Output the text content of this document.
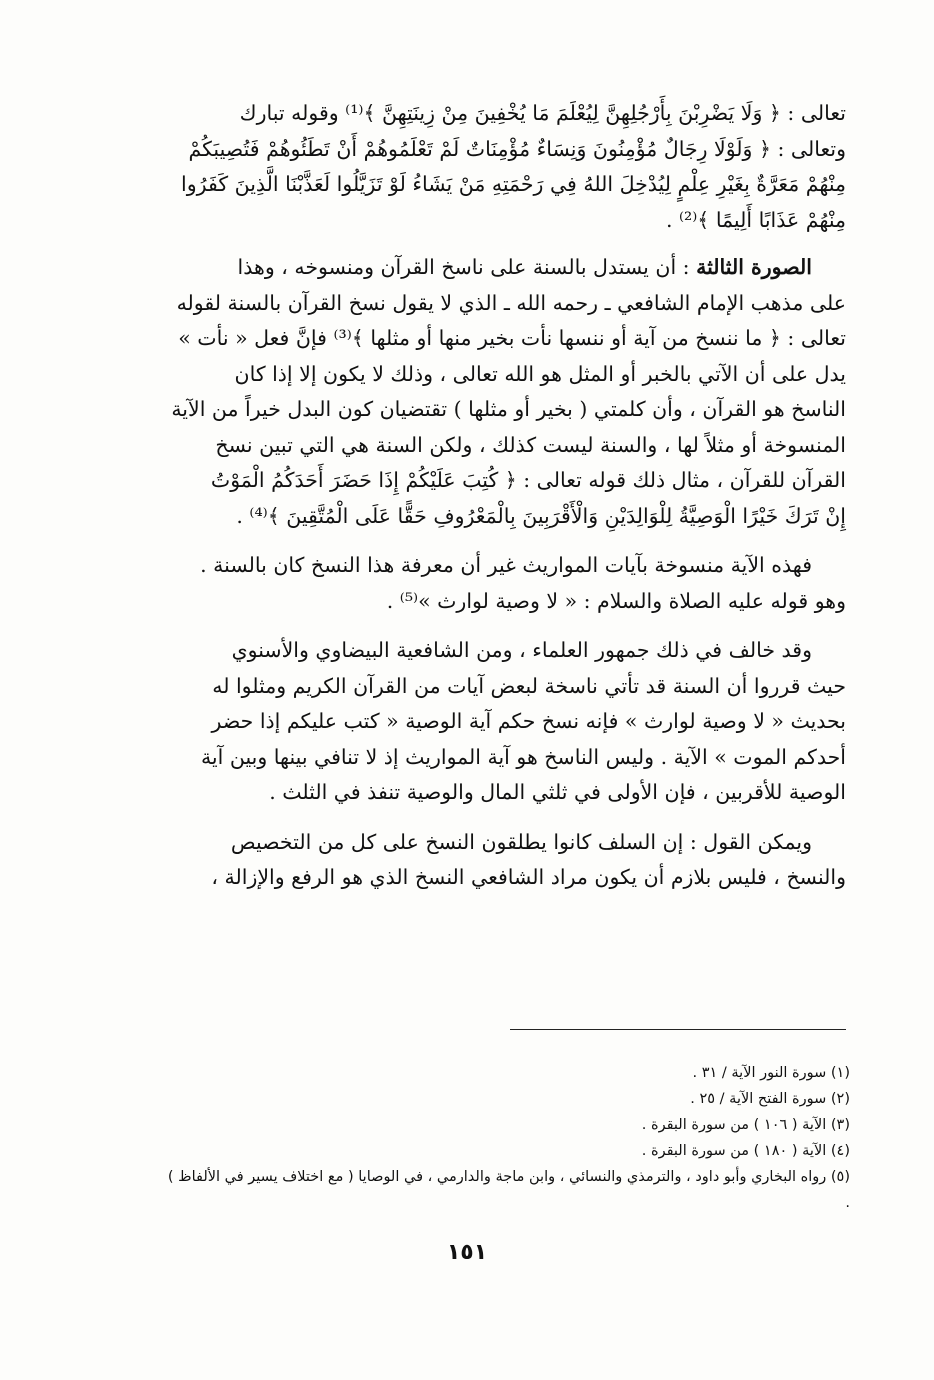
تعالى : ﴿ وَلَا يَضْرِبْنَ بِأَرْجُلِهِنَّ لِيُعْلَمَ مَا يُخْفِينَ مِنْ زِينَتِهِنَّ ﴾⁽¹⁾ وقوله تبارك

وتعالى : ﴿ وَلَوْلَا رِجَالٌ مُؤْمِنُونَ وَنِسَاءٌ مُؤْمِنَاتٌ لَمْ تَعْلَمُوهُمْ أَنْ تَطَئُوهُمْ فَتُصِيبَكُمْ

مِنْهُمْ مَعَرَّةٌ بِغَيْرِ عِلْمٍ لِيُدْخِلَ اللهُ فِي رَحْمَتِهِ مَنْ يَشَاءُ لَوْ تَزَيَّلُوا لَعَذَّبْنَا الَّذِينَ كَفَرُوا

مِنْهُمْ عَذَابًا أَلِيمًا ﴾⁽²⁾ .

الصورة الثالثة : أن يستدل بالسنة على ناسخ القرآن ومنسوخه ، وهذا

على مذهب الإمام الشافعي ـ رحمه الله ـ الذي لا يقول نسخ القرآن بالسنة لقوله

تعالى : ﴿ ما ننسخ من آية أو ننسها نأت بخير منها أو مثلها ﴾⁽³⁾ فإنَّ فعل « نأت »

يدل على أن الآتي بالخبر أو المثل هو الله تعالى ، وذلك لا يكون إلا إذا كان

الناسخ هو القرآن ، وأن كلمتي ( بخير أو مثلها ) تقتضيان كون البدل خيراً من الآية

المنسوخة أو مثلاً لها ، والسنة ليست كذلك ، ولكن السنة هي التي تبين نسخ

القرآن للقرآن ، مثال ذلك قوله تعالى : ﴿ كُتِبَ عَلَيْكُمْ إِذَا حَضَرَ أَحَدَكُمُ الْمَوْتُ

إِنْ تَرَكَ خَيْرًا الْوَصِيَّةُ لِلْوَالِدَيْنِ وَالْأَقْرَبِينَ بِالْمَعْرُوفِ حَقًّا عَلَى الْمُتَّقِينَ ﴾⁽⁴⁾ .

فهذه الآية منسوخة بآيات المواريث غير أن معرفة هذا النسخ كان بالسنة .

وهو قوله عليه الصلاة والسلام : « لا وصية لوارث »⁽⁵⁾ .

وقد خالف في ذلك جمهور العلماء ، ومن الشافعية البيضاوي والأسنوي

حيث قرروا أن السنة قد تأتي ناسخة لبعض آيات من القرآن الكريم ومثلوا له

بحديث « لا وصية لوارث » فإنه نسخ حكم آية الوصية « كتب عليكم إذا حضر

أحدكم الموت » الآية . وليس الناسخ هو آية المواريث إذ لا تنافي بينها وبين آية

الوصية للأقربين ، فإن الأولى في ثلثي المال والوصية تنفذ في الثلث .

ويمكن القول : إن السلف كانوا يطلقون النسخ على كل من التخصيص

والنسخ ، فليس بلازم أن يكون مراد الشافعي النسخ الذي هو الرفع والإزالة ،

(١) سورة النور الآية / ٣١ .

(٢) سورة الفتح الآية / ٢٥ .

(٣) الآية ( ١٠٦ ) من سورة البقرة .

(٤) الآية ( ١٨٠ ) من سورة البقرة .

(٥) رواه البخاري وأبو داود ، والترمذي والنسائي ، وابن ماجة والدارمي ، في الوصايا ( مع اختلاف يسير في الألفاظ ) .

١٥١
